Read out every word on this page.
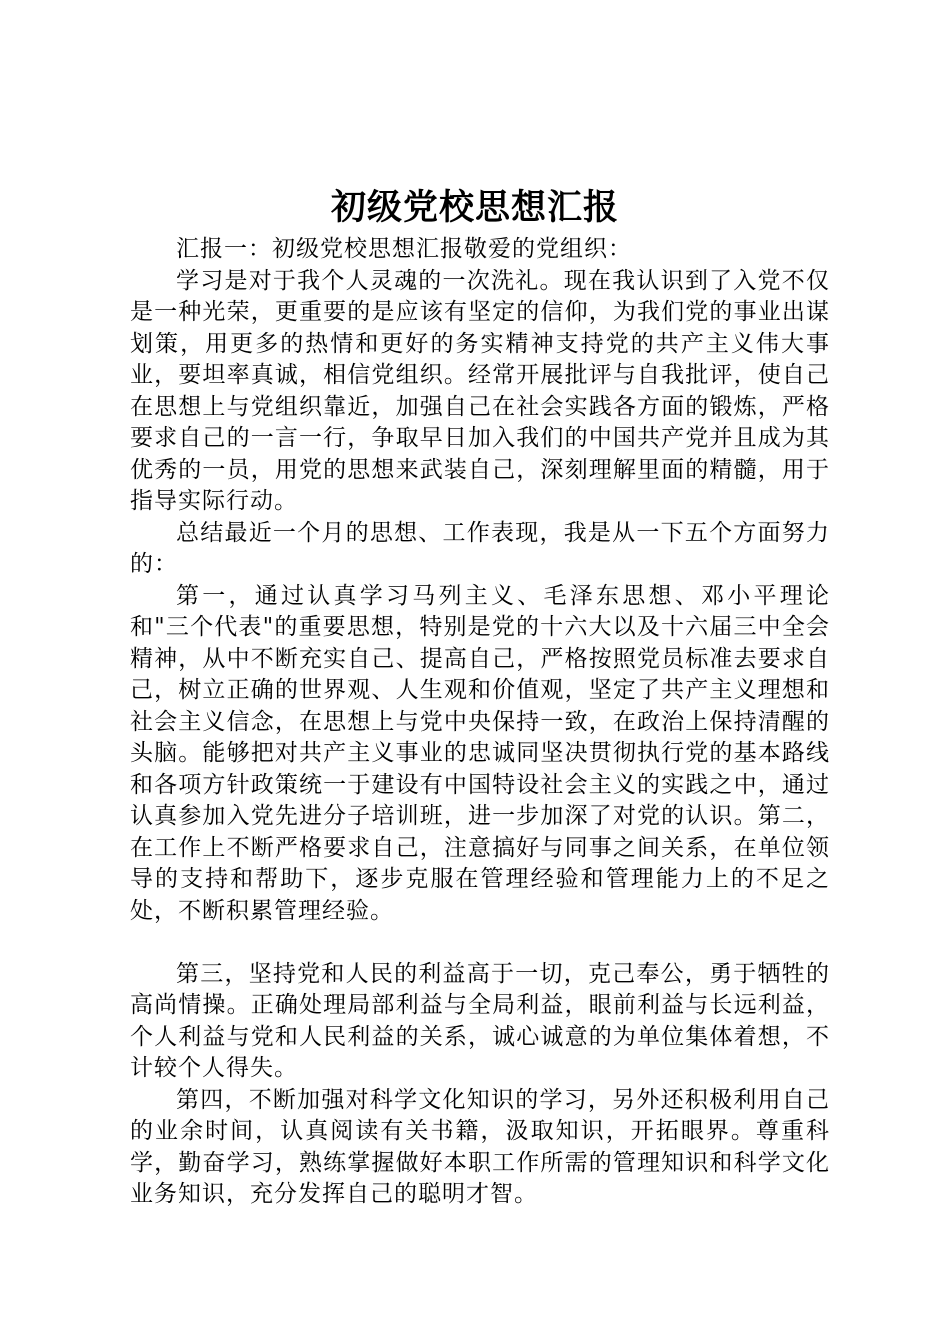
初级党校思想汇报

汇报一：初级党校思想汇报敬爱的党组织：

学习是对于我个人灵魂的一次洗礼。现在我认识到了入党不仅是一种光荣，更重要的是应该有坚定的信仰，为我们党的事业出谋划策，用更多的热情和更好的务实精神支持党的共产主义伟大事业，要坦率真诚，相信党组织。经常开展批评与自我批评，使自己在思想上与党组织靠近，加强自己在社会实践各方面的锻炼，严格要求自己的一言一行，争取早日加入我们的中国共产党并且成为其优秀的一员，用党的思想来武装自己，深刻理解里面的精髓，用于指导实际行动。

总结最近一个月的思想、工作表现，我是从一下五个方面努力的：

第一，通过认真学习马列主义、毛泽东思想、邓小平理论和"三个代表"的重要思想，特别是党的十六大以及十六届三中全会精神，从中不断充实自己、提高自己，严格按照党员标准去要求自己，树立正确的世界观、人生观和价值观，坚定了共产主义理想和社会主义信念，在思想上与党中央保持一致，在政治上保持清醒的头脑。能够把对共产主义事业的忠诚同坚决贯彻执行党的基本路线和各项方针政策统一于建设有中国特设社会主义的实践之中，通过认真参加入党先进分子培训班，进一步加深了对党的认识。第二，在工作上不断严格要求自己，注意搞好与同事之间关系，在单位领导的支持和帮助下，逐步克服在管理经验和管理能力上的不足之处，不断积累管理经验。

第三，坚持党和人民的利益高于一切，克己奉公，勇于牺牲的高尚情操。正确处理局部利益与全局利益，眼前利益与长远利益，个人利益与党和人民利益的关系，诚心诚意的为单位集体着想，不计较个人得失。

第四，不断加强对科学文化知识的学习，另外还积极利用自己的业余时间，认真阅读有关书籍，汲取知识，开拓眼界。尊重科学，勤奋学习，熟练掌握做好本职工作所需的管理知识和科学文化业务知识，充分发挥自己的聪明才智。
